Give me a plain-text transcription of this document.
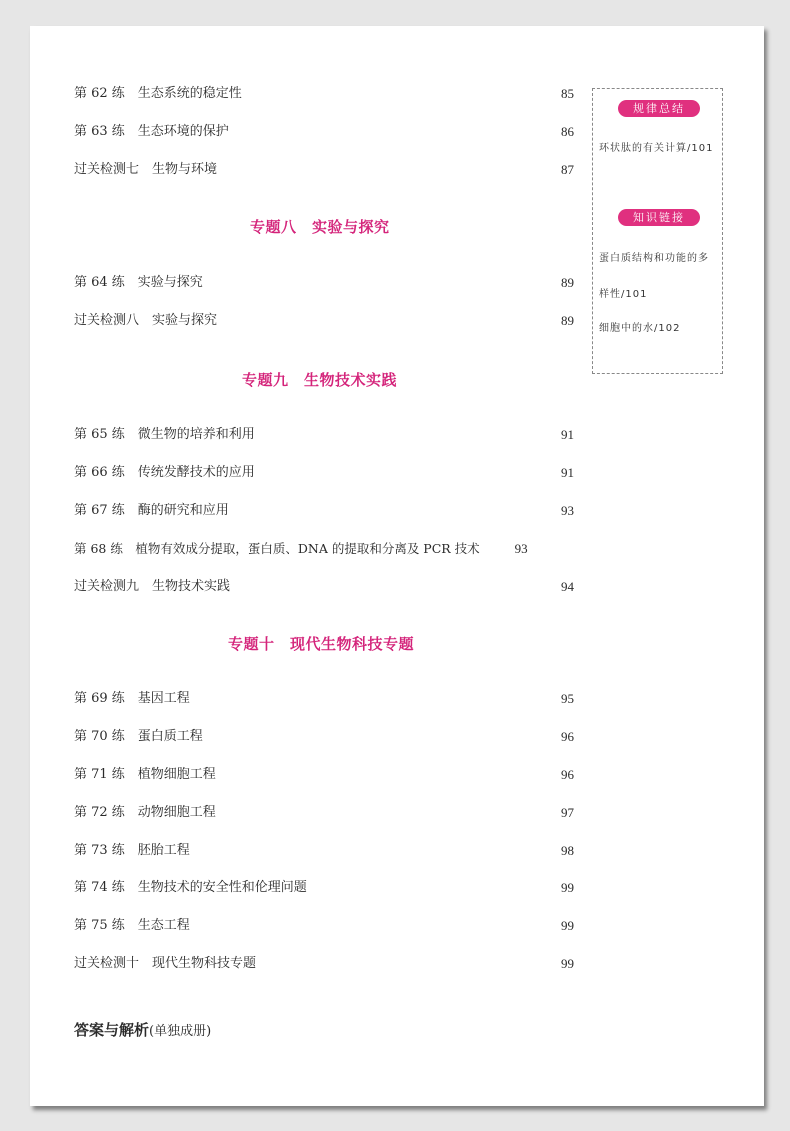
第 62 练　生态系统的稳定性	85
第 63 练　生态环境的保护	86
过关检测七　生物与环境	87
专题八　实验与探究
第 64 练　实验与探究	89
过关检测八　实验与探究	89
专题九　生物技术实践
第 65 练　微生物的培养和利用	91
第 66 练　传统发酵技术的应用	91
第 67 练　酶的研究和应用	93
第 68 练　植物有效成分提取，蛋白质、DNA 的提取和分离及 PCR 技术	93
过关检测九　生物技术实践	94
专题十　现代生物科技专题
第 69 练　基因工程	95
第 70 练　蛋白质工程	96
第 71 练　植物细胞工程	96
第 72 练　动物细胞工程	97
第 73 练　胚胎工程	98
第 74 练　生物技术的安全性和伦理问题	99
第 75 练　生态工程	99
过关检测十　现代生物科技专题	99
答案与解析(单独成册)
规律总结
环状肽的有关计算/101
知识链接
蛋白质结构和功能的多
样性/101
细胞中的水/102
